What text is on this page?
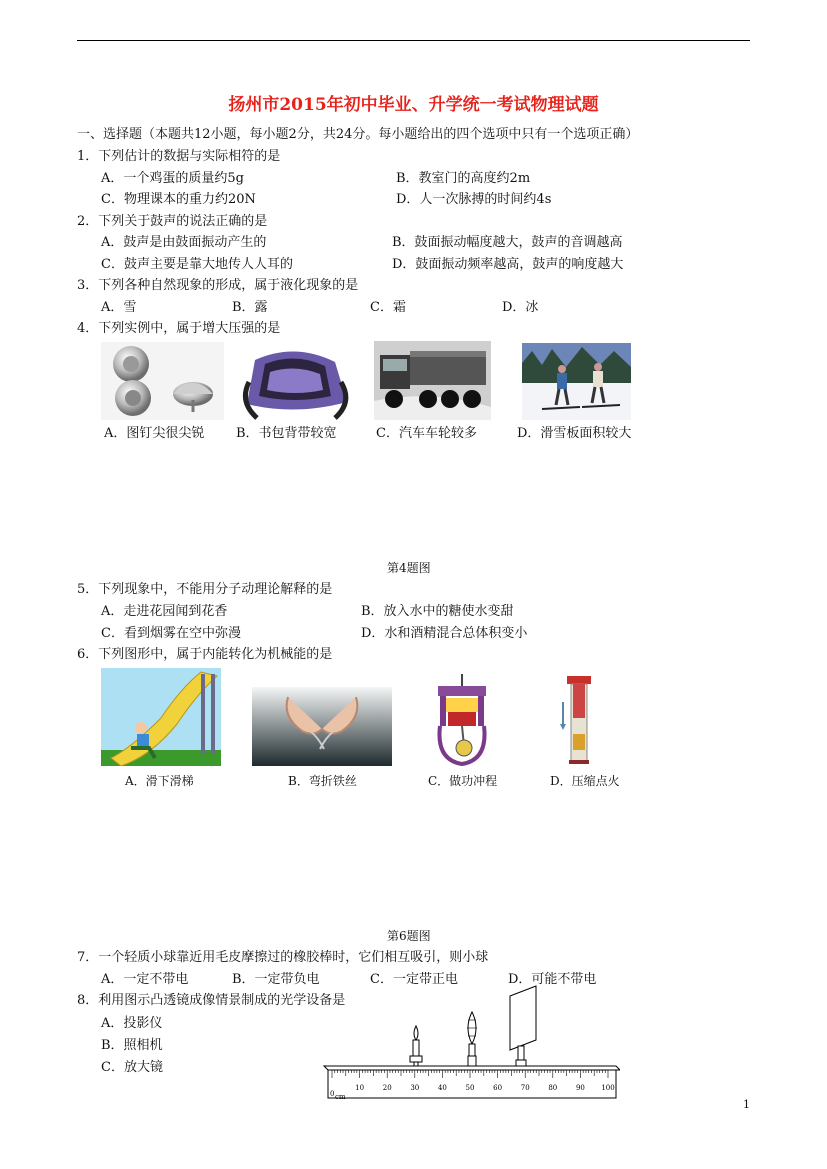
扬州市2015年初中毕业、升学统一考试物理试题
一、选择题（本题共12小题，每小题2分，共24分。每小题给出的四个选项中只有一个选项正确）
1．下列估计的数据与实际相符的是
A．一个鸡蛋的质量约5g	B．教室门的高度约2m
C．物理课本的重力约20N	D．人一次脉搏的时间约4s
2．下列关于鼓声的说法正确的是
A．鼓声是由鼓面振动产生的	B．鼓面振动幅度越大，鼓声的音调越高
C．鼓声主要是靠大地传人人耳的	D．鼓面振动频率越高，鼓声的响度越大
3．下列各种自然现象的形成，属于液化现象的是
A．雪	B．露	C．霜	D．冰
4．下列实例中，属于增大压强的是
A．图钉尖很尖锐 B．书包背带较宽	C．汽车车轮较多	D．滑雪板面积较大
第4题图
5．下列现象中，不能用分子动理论解释的是
A．走进花园闻到花香	B．放入水中的糖使水变甜
C．看到烟雾在空中弥漫	D．水和酒精混合总体积变小
6．下列图形中，属于内能转化为机械能的是
A．滑下滑梯	B．弯折铁丝	C．做功冲程	D．压缩点火
第6题图
7．一个轻质小球靠近用毛皮摩擦过的橡胶棒时，它们相互吸引，则小球
A．一定不带电	B．一定带负电	C．一定带正电	D．可能不带电
8．利用图示凸透镜成像情景制成的光学设备是
A．投影仪
B．照相机
C．放大镜
0 cm
10	20	30	40	50	60	70	80	90 100
1
